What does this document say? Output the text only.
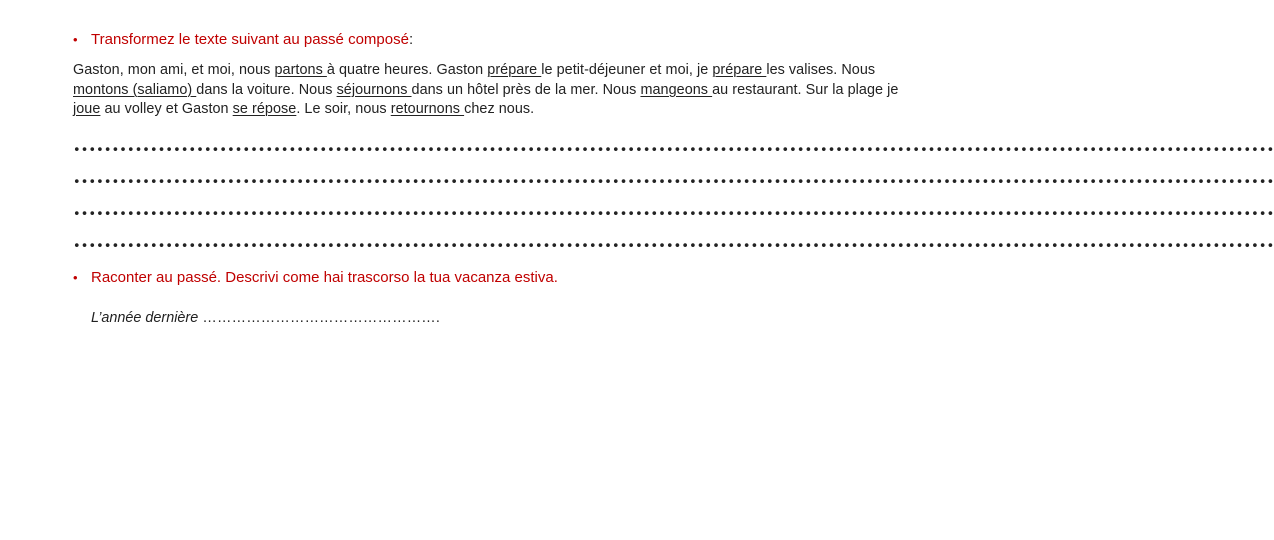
• Transformez le texte suivant au passé composé :
Gaston, mon ami, et moi, nous partons à quatre heures. Gaston prépare le petit-déjeuner et moi, je prépare les valises. Nous montons (saliamo) dans la voiture. Nous séjournons dans un hôtel près de la mer. Nous mangeons au restaurant. Sur la plage je joue au volley et Gaston se répose. Le soir, nous retournons chez nous.
…………………………………………………………………………………………………………………………………………
…………………………………………………………………………………………………………………………………………
…………………………………………………………………………………………………………………………………………
…………………………………………………………………………………………………………………………………………
• Raconter au passé. Descrivi come hai trascorso la tua vacanza estiva.
L’année dernière ………………………………………….
